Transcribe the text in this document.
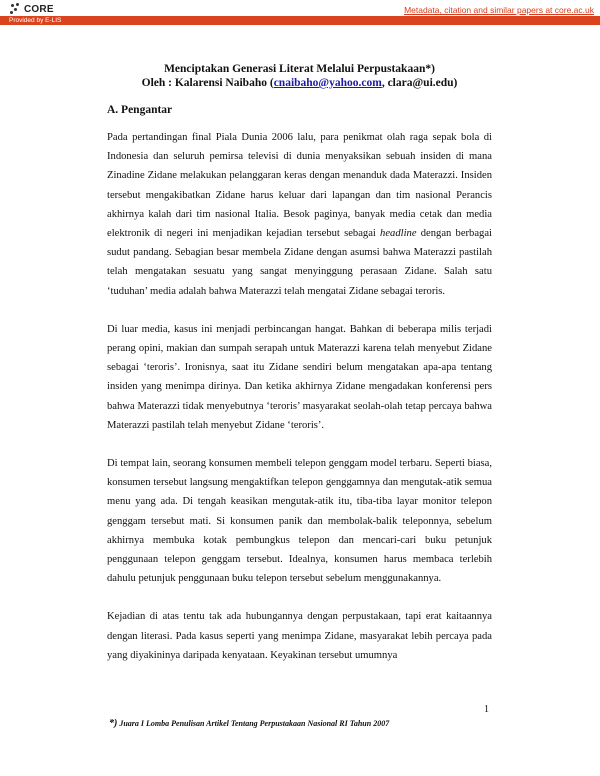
CORE	Metadata, citation and similar papers at core.ac.uk
Provided by E-LIS

Menciptakan Generasi Literat Melalui Perpustakaan*)

Oleh : Kalarensi Naibaho (cnaibaho@yahoo.com, clara@ui.edu)

A. Pengantar

Pada pertandingan final Piala Dunia 2006 lalu, para penikmat olah raga sepak bola di Indonesia dan seluruh pemirsa televisi di dunia menyaksikan sebuah insiden di mana Zinadine Zidane melakukan pelanggaran keras dengan menanduk dada Materazzi. Insiden tersebut mengakibatkan Zidane harus keluar dari lapangan dan tim nasional Perancis akhirnya kalah dari tim nasional Italia. Besok paginya, banyak media cetak dan media elektronik di negeri ini menjadikan kejadian tersebut sebagai headline dengan berbagai sudut pandang. Sebagian besar membela Zidane dengan asumsi bahwa Materazzi pastilah telah mengatakan sesuatu yang sangat menyinggung perasaan Zidane. Salah satu ‘tuduhan’ media adalah bahwa Materazzi telah mengatai Zidane sebagai teroris.

Di luar media, kasus ini menjadi perbincangan hangat. Bahkan di beberapa milis terjadi perang opini, makian dan sumpah serapah untuk Materazzi karena telah menyebut Zidane sebagai ‘teroris’. Ironisnya, saat itu Zidane sendiri belum mengatakan apa-apa tentang insiden yang menimpa dirinya. Dan ketika akhirnya Zidane mengadakan konferensi pers bahwa Materazzi tidak menyebutnya ‘teroris’ masyarakat seolah-olah tetap percaya bahwa Materazzi pastilah telah menyebut Zidane ‘teroris’.

Di tempat lain, seorang konsumen membeli telepon genggam model terbaru. Seperti biasa, konsumen tersebut langsung mengaktifkan telepon genggamnya dan mengutak-atik semua menu yang ada. Di tengah keasikan mengutak-atik itu, tiba-tiba layar monitor telepon genggam tersebut mati. Si konsumen panik dan membolak-balik teleponnya, sebelum akhirnya membuka kotak pembungkus telepon dan mencari-cari buku petunjuk penggunaan telepon genggam tersebut. Idealnya, konsumen harus membaca terlebih dahulu petunjuk penggunaan buku telepon tersebut sebelum menggunakannya.

Kejadian di atas tentu tak ada hubungannya dengan perpustakaan, tapi erat kaitaannya dengan literasi. Pada kasus seperti yang menimpa Zidane, masyarakat lebih percaya pada yang diyakininya daripada kenyataan. Keyakinan tersebut umumnya

1
*) Juara I Lomba Penulisan Artikel Tentang Perpustakaan Nasional RI Tahun 2007
